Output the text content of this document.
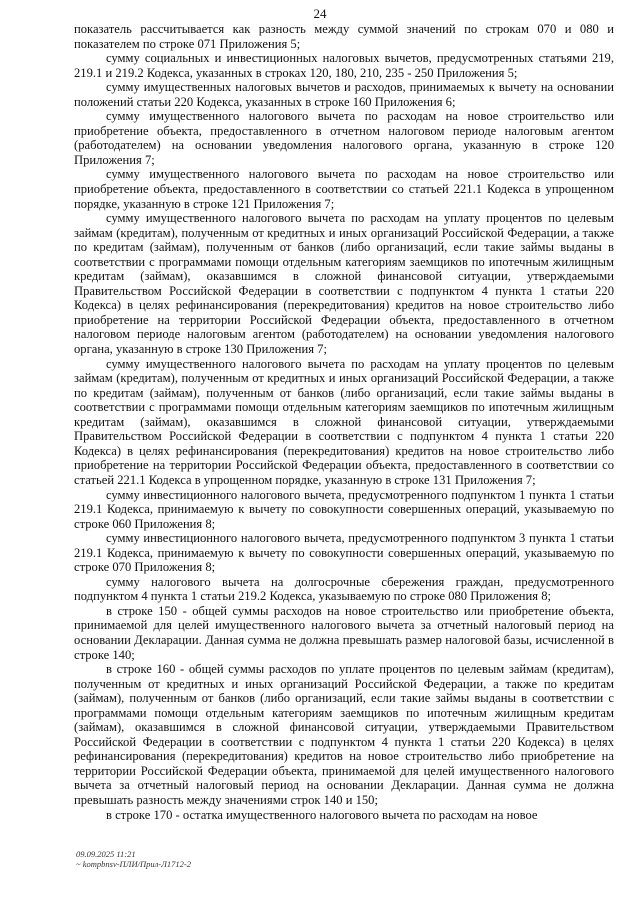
24

показатель рассчитывается как разность между суммой значений по строкам 070 и 080 и показателем по строке 071 Приложения 5;

сумму социальных и инвестиционных налоговых вычетов, предусмотренных статьями 219, 219.1 и 219.2 Кодекса, указанных в строках 120, 180, 210, 235 - 250 Приложения 5;

сумму имущественных налоговых вычетов и расходов, принимаемых к вычету на основании положений статьи 220 Кодекса, указанных в строке 160 Приложения 6;

сумму имущественного налогового вычета по расходам на новое строительство или приобретение объекта, предоставленного в отчетном налоговом периоде налоговым агентом (работодателем) на основании уведомления налогового органа, указанную в строке 120 Приложения 7;

сумму имущественного налогового вычета по расходам на новое строительство или приобретение объекта, предоставленного в соответствии со статьей 221.1 Кодекса в упрощенном порядке, указанную в строке 121 Приложения 7;

сумму имущественного налогового вычета по расходам на уплату процентов по целевым займам (кредитам), полученным от кредитных и иных организаций Российской Федерации, а также по кредитам (займам), полученным от банков (либо организаций, если такие займы выданы в соответствии с программами помощи отдельным категориям заемщиков по ипотечным жилищным кредитам (займам), оказавшимся в сложной финансовой ситуации, утверждаемыми Правительством Российской Федерации в соответствии с подпунктом 4 пункта 1 статьи 220 Кодекса) в целях рефинансирования (перекредитования) кредитов на новое строительство либо приобретение на территории Российской Федерации объекта, предоставленного в отчетном налоговом периоде налоговым агентом (работодателем) на основании уведомления налогового органа, указанную в строке 130 Приложения 7;

сумму имущественного налогового вычета по расходам на уплату процентов по целевым займам (кредитам), полученным от кредитных и иных организаций Российской Федерации, а также по кредитам (займам), полученным от банков (либо организаций, если такие займы выданы в соответствии с программами помощи отдельным категориям заемщиков по ипотечным жилищным кредитам (займам), оказавшимся в сложной финансовой ситуации, утверждаемыми Правительством Российской Федерации в соответствии с подпунктом 4 пункта 1 статьи 220 Кодекса) в целях рефинансирования (перекредитования) кредитов на новое строительство либо приобретение на территории Российской Федерации объекта, предоставленного в соответствии со статьей 221.1 Кодекса в упрощенном порядке, указанную в строке 131 Приложения 7;

сумму инвестиционного налогового вычета, предусмотренного подпунктом 1 пункта 1 статьи 219.1 Кодекса, принимаемую к вычету по совокупности совершенных операций, указываемую по строке 060 Приложения 8;

сумму инвестиционного налогового вычета, предусмотренного подпунктом 3 пункта 1 статьи 219.1 Кодекса, принимаемую к вычету по совокупности совершенных операций, указываемую по строке 070 Приложения 8;

сумму налогового вычета на долгосрочные сбережения граждан, предусмотренного подпунктом 4 пункта 1 статьи 219.2 Кодекса, указываемую по строке 080 Приложения 8;

в строке 150 - общей суммы расходов на новое строительство или приобретение объекта, принимаемой для целей имущественного налогового вычета за отчетный налоговый период на основании Декларации. Данная сумма не должна превышать размер налоговой базы, исчисленной в строке 140;

в строке 160 - общей суммы расходов по уплате процентов по целевым займам (кредитам), полученным от кредитных и иных организаций Российской Федерации, а также по кредитам (займам), полученным от банков (либо организаций, если такие займы выданы в соответствии с программами помощи отдельным категориям заемщиков по ипотечным жилищным кредитам (займам), оказавшимся в сложной финансовой ситуации, утверждаемыми Правительством Российской Федерации в соответствии с подпунктом 4 пункта 1 статьи 220 Кодекса) в целях рефинансирования (перекредитования) кредитов на новое строительство либо приобретение на территории Российской Федерации объекта, принимаемой для целей имущественного налогового вычета за отчетный налоговый период на основании Декларации. Данная сумма не должна превышать разность между значениями строк 140 и 150;

в строке 170 - остатка имущественного налогового вычета по расходам на новое

09.09.2025 11:21
~ kompbnsv-ПЛИ/Прил-Л1712-2
